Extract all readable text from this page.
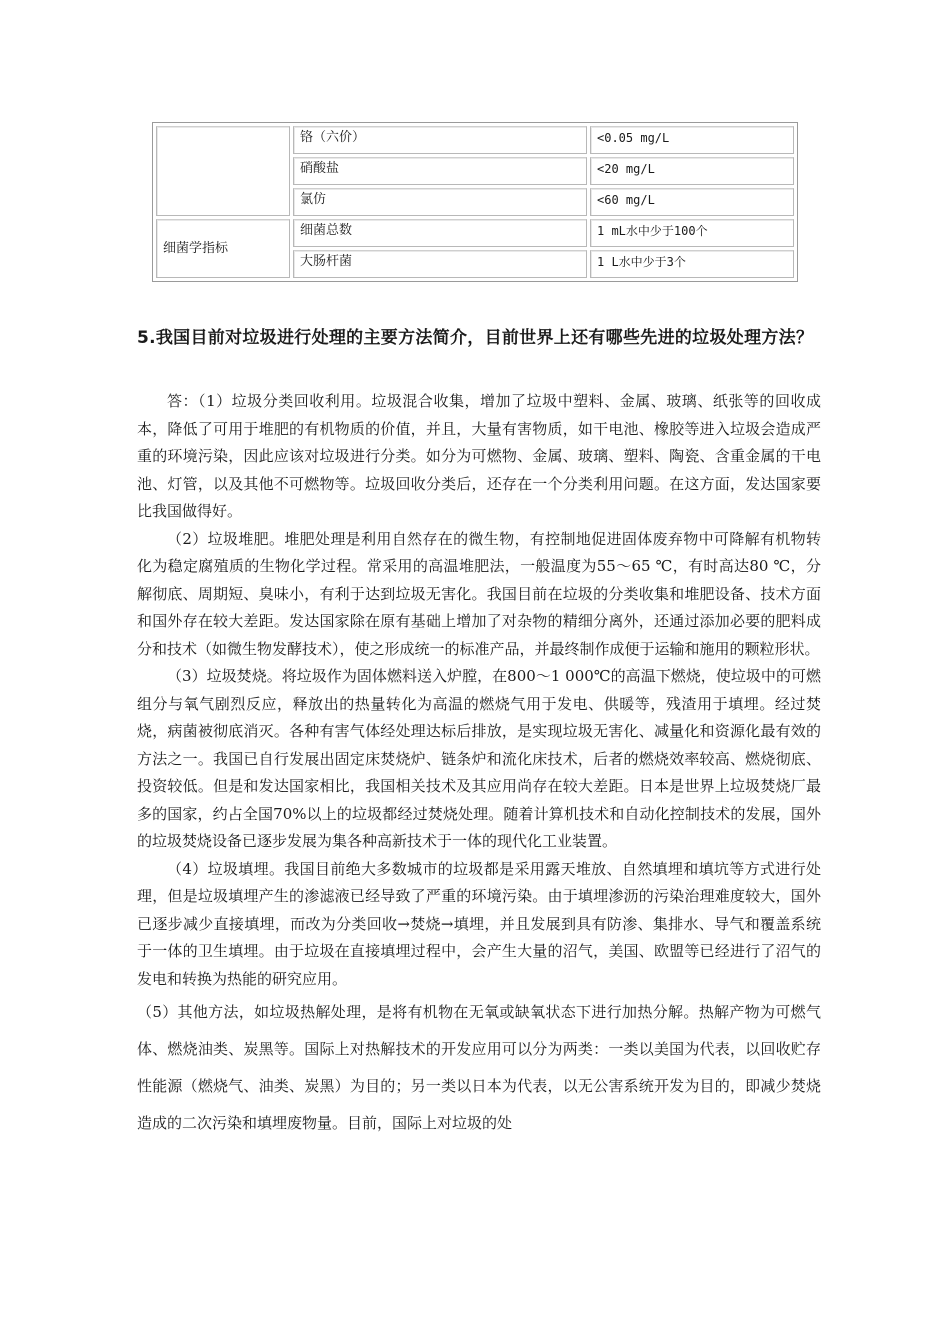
	铬（六价）	<0.05 mg/L
	硝酸盐	<20 mg/L
	氯仿	<60 mg/L
细菌学指标	细菌总数	1 mL水中少于100个
	大肠杆菌	1 L水中少于3个
5.我国目前对垃圾进行处理的主要方法简介，目前世界上还有哪些先进的垃圾处理方法？

答：（1）垃圾分类回收利用。垃圾混合收集，增加了垃圾中塑料、金属、玻璃、纸张等的回收成本，降低了可用于堆肥的有机物质的价值，并且，大量有害物质，如干电池、橡胶等进入垃圾会造成严重的环境污染，因此应该对垃圾进行分类。如分为可燃物、金属、玻璃、塑料、陶瓷、含重金属的干电池、灯管，以及其他不可燃物等。垃圾回收分类后，还存在一个分类利用问题。在这方面，发达国家要比我国做得好。

（2）垃圾堆肥。堆肥处理是利用自然存在的微生物，有控制地促进固体废弃物中可降解有机物转化为稳定腐殖质的生物化学过程。常采用的高温堆肥法，一般温度为55～65 ℃，有时高达80 ℃，分解彻底、周期短、臭味小，有利于达到垃圾无害化。我国目前在垃圾的分类收集和堆肥设备、技术方面和国外存在较大差距。发达国家除在原有基础上增加了对杂物的精细分离外，还通过添加必要的肥料成分和技术（如微生物发酵技术），使之形成统一的标准产品，并最终制作成便于运输和施用的颗粒形状。

（3）垃圾焚烧。将垃圾作为固体燃料送入炉膛，在800～1 000℃的高温下燃烧，使垃圾中的可燃组分与氧气剧烈反应，释放出的热量转化为高温的燃烧气用于发电、供暖等，残渣用于填埋。经过焚烧，病菌被彻底消灭。各种有害气体经处理达标后排放，是实现垃圾无害化、减量化和资源化最有效的方法之一。我国已自行发展出固定床焚烧炉、链条炉和流化床技术，后者的燃烧效率较高、燃烧彻底、投资较低。但是和发达国家相比，我国相关技术及其应用尚存在较大差距。日本是世界上垃圾焚烧厂最多的国家，约占全国70%以上的垃圾都经过焚烧处理。随着计算机技术和自动化控制技术的发展，国外的垃圾焚烧设备已逐步发展为集各种高新技术于一体的现代化工业装置。

（4）垃圾填埋。我国目前绝大多数城市的垃圾都是采用露天堆放、自然填埋和填坑等方式进行处理，但是垃圾填埋产生的渗滤液已经导致了严重的环境污染。由于填埋渗沥的污染治理难度较大，国外已逐步减少直接填埋，而改为分类回收→焚烧→填埋，并且发展到具有防渗、集排水、导气和覆盖系统于一体的卫生填埋。由于垃圾在直接填埋过程中，会产生大量的沼气，美国、欧盟等已经进行了沼气的发电和转换为热能的研究应用。

（5）其他方法，如垃圾热解处理，是将有机物在无氧或缺氧状态下进行加热分解。热解产物为可燃气体、燃烧油类、炭黑等。国际上对热解技术的开发应用可以分为两类：一类以美国为代表，以回收贮存性能源（燃烧气、油类、炭黑）为目的；另一类以日本为代表，以无公害系统开发为目的，即减少焚烧造成的二次污染和填埋废物量。目前，国际上对垃圾的处
